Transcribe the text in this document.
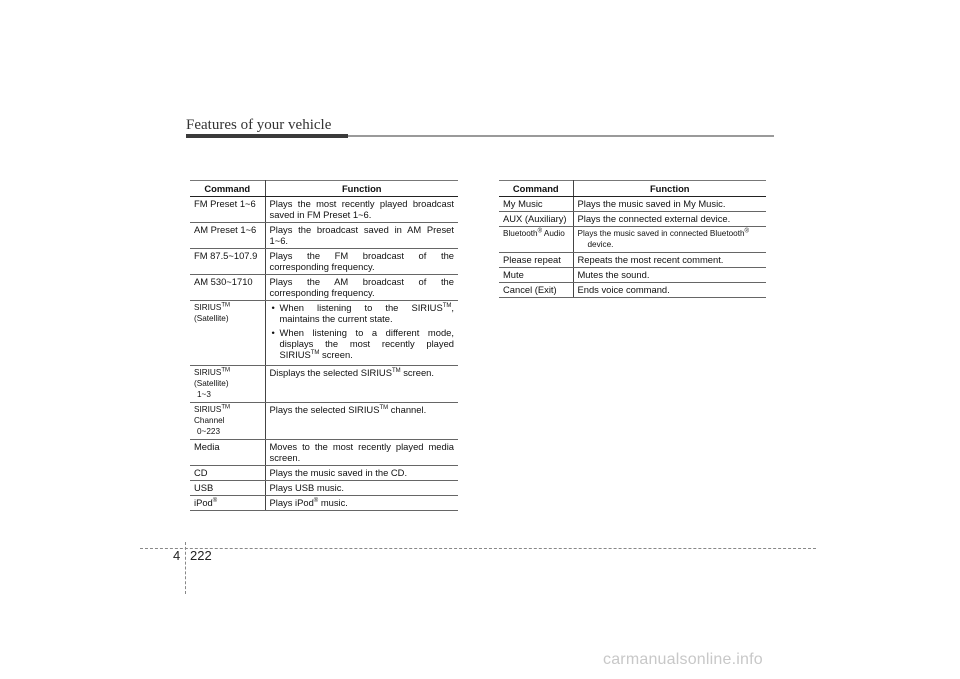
Features of your vehicle
Command	Function
FM Preset 1~6	Plays the most recently played broadcast saved in FM Preset 1~6.
AM Preset 1~6	Plays the broadcast saved in AM Preset 1~6.
FM 87.5~107.9	Plays the FM broadcast of the corresponding frequency.
AM 530~1710	Plays the AM broadcast of the corresponding frequency.
SIRIUS™ (Satellite)	• When listening to the SIRIUS™, maintains the current state.
• When listening to a different mode, displays the most recently played SIRIUS™ screen.

SIRIUS™ (Satellite)
1~3	Displays the selected SIRIUS™ screen.
SIRIUS™ Channel
0~223	Plays the selected SIRIUS™ channel.
Media	Moves to the most recently played media screen.
CD	Plays the music saved in the CD.
USB	Plays USB music.
iPod®	Plays iPod® music.
Command	Function
My Music	Plays the music saved in My Music.
AUX (Auxiliary)	Plays the connected external device.
Bluetooth® Audio	Plays the music saved in connected Bluetooth®
device.

Please repeat	Repeats the most recent comment.
Mute	Mutes the sound.
Cancel (Exit)	Ends voice command.
4 222
carmanualsonline.info
